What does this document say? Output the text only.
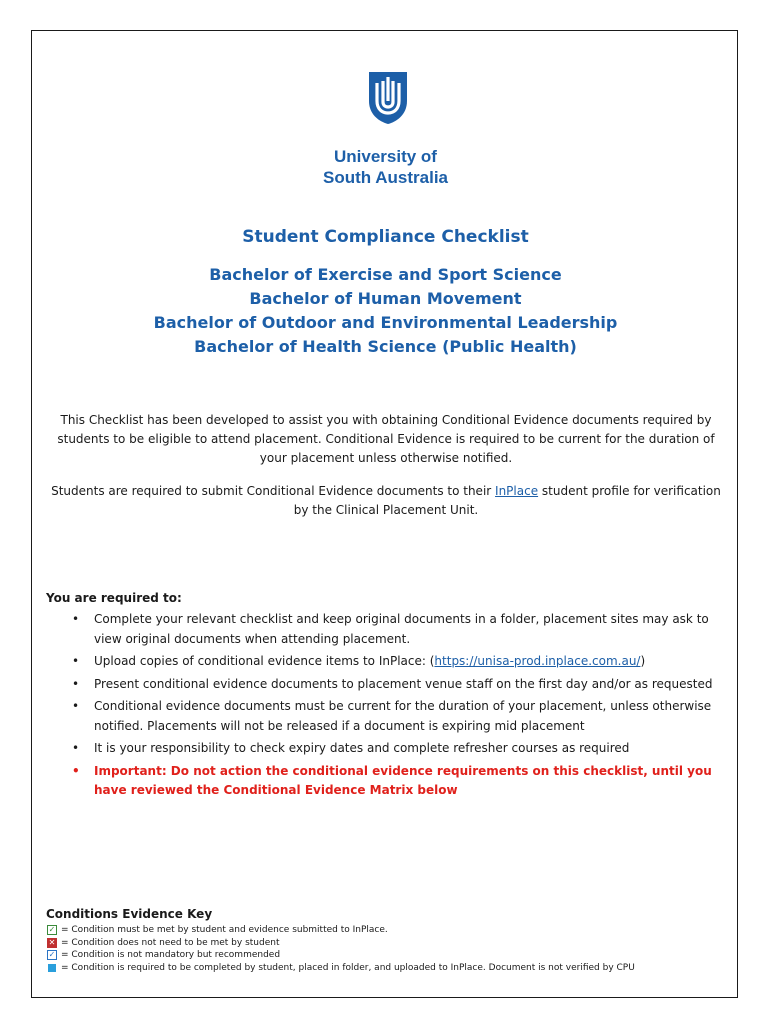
University of
South Australia
Student Compliance Checklist
Bachelor of Exercise and Sport Science
Bachelor of Human Movement
Bachelor of Outdoor and Environmental Leadership
Bachelor of Health Science (Public Health)
This Checklist has been developed to assist you with obtaining Conditional Evidence documents required by students to be eligible to attend placement. Conditional Evidence is required to be current for the duration of your placement unless otherwise notified.
Students are required to submit Conditional Evidence documents to their InPlace student profile for verification by the Clinical Placement Unit.
You are required to:
• Complete your relevant checklist and keep original documents in a folder, placement sites may ask to view original documents when attending placement.
• Upload copies of conditional evidence items to InPlace: (https://unisa-prod.inplace.com.au/)
• Present conditional evidence documents to placement venue staff on the first day and/or as requested
• Conditional evidence documents must be current for the duration of your placement, unless otherwise notified. Placements will not be released if a document is expiring mid placement
• It is your responsibility to check expiry dates and complete refresher courses as required
• Important: Do not action the conditional evidence requirements on this checklist, until you have reviewed the Conditional Evidence Matrix below
Conditions Evidence Key
✓ = Condition must be met by student and evidence submitted to InPlace.
✕ = Condition does not need to be met by student
✓ = Condition is not mandatory but recommended
= Condition is required to be completed by student, placed in folder, and uploaded to InPlace. Document is not verified by CPU
